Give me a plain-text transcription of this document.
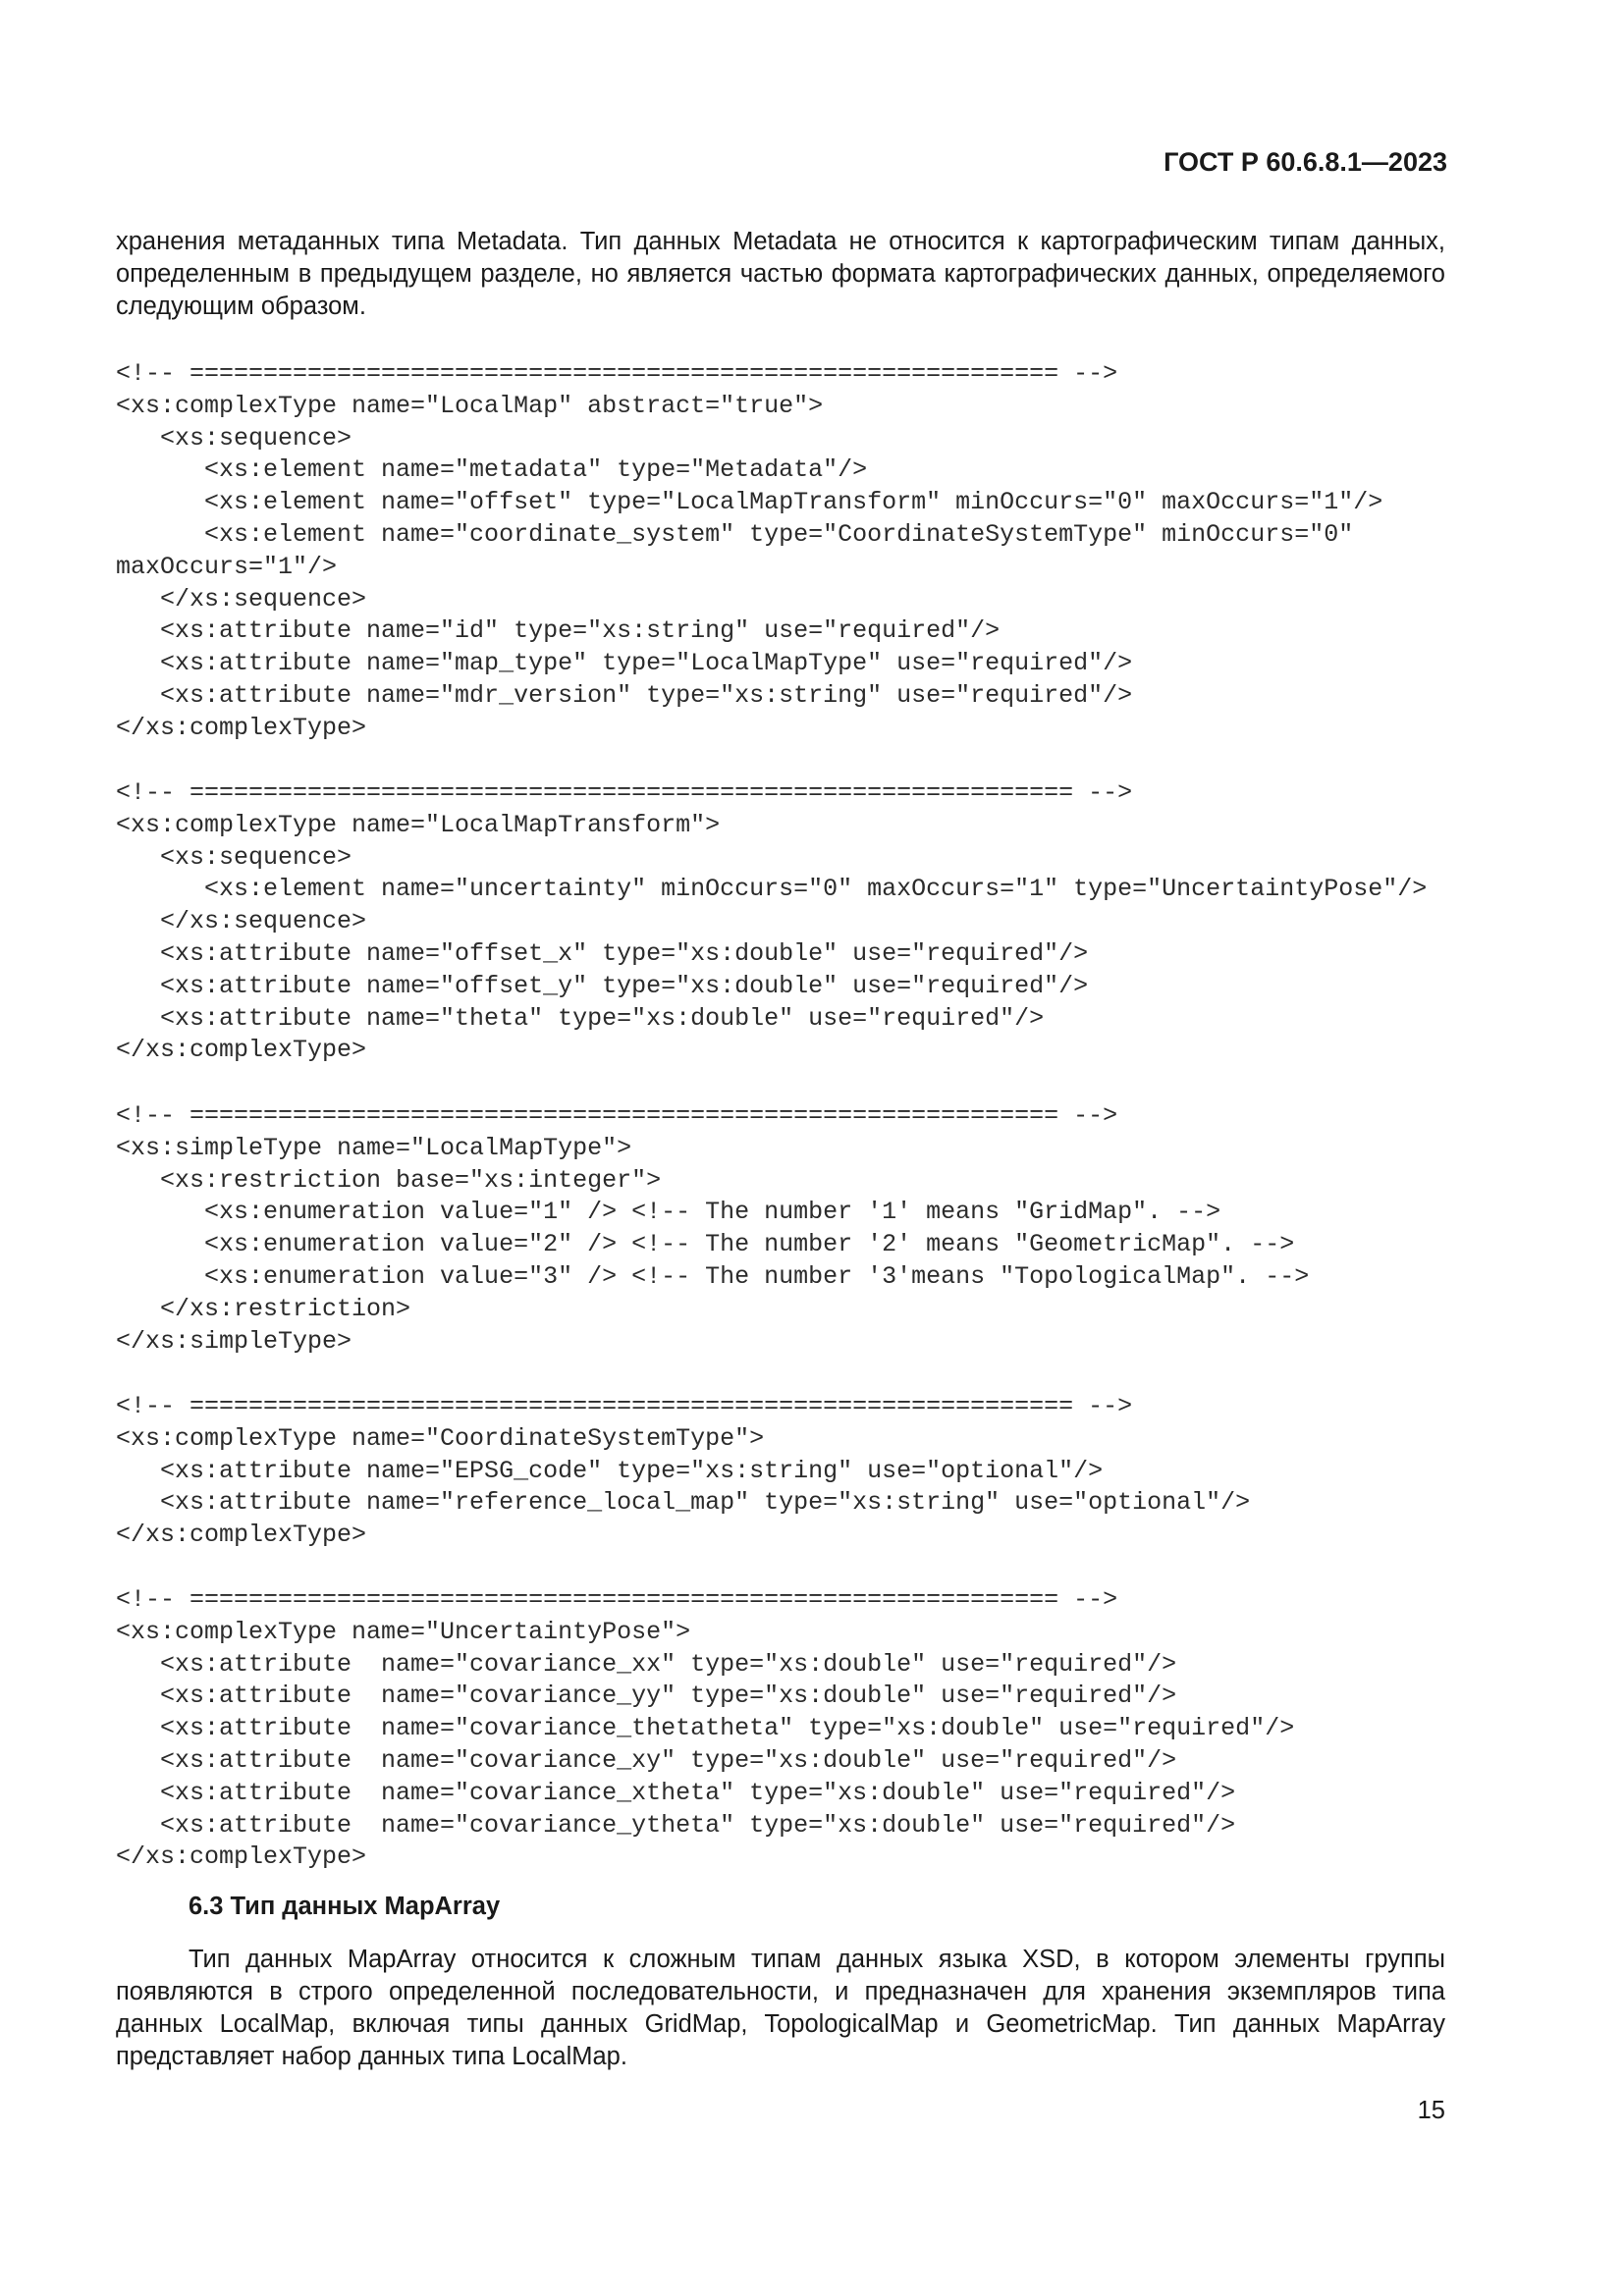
ГОСТ Р 60.6.8.1—2023

хранения метаданных типа Metadata. Тип данных Metadata не относится к картографическим типам данных, определенным в предыдущем разделе, но является частью формата картографических данных, определяемого следующим образом.

<!-- =========================================================== -->
<xs:complexType name="LocalMap" abstract="true">
<xs:sequence>
<xs:element name="metadata" type="Metadata"/>
<xs:element name="offset" type="LocalMapTransform" minOccurs="0" maxOccurs="1"/>
<xs:element name="coordinate_system" type="CoordinateSystemType" minOccurs="0"
maxOccurs="1"/>
</xs:sequence>
<xs:attribute name="id" type="xs:string" use="required"/>
<xs:attribute name="map_type" type="LocalMapType" use="required"/>
<xs:attribute name="mdr_version" type="xs:string" use="required"/>
</xs:complexType>
<!-- ============================================================ -->
<xs:complexType name="LocalMapTransform">
<xs:sequence>
<xs:element name="uncertainty" minOccurs="0" maxOccurs="1" type="UncertaintyPose"/>
</xs:sequence>
<xs:attribute name="offset_x" type="xs:double" use="required"/>
<xs:attribute name="offset_y" type="xs:double" use="required"/>
<xs:attribute name="theta" type="xs:double" use="required"/>
</xs:complexType>
<!-- =========================================================== -->
<xs:simpleType name="LocalMapType">
<xs:restriction base="xs:integer">
<xs:enumeration value="1" /> <!-- The number '1' means "GridMap". -->
<xs:enumeration value="2" /> <!-- The number '2' means "GeometricMap". -->
<xs:enumeration value="3" /> <!-- The number '3'means "TopologicalMap". -->
</xs:restriction>
</xs:simpleType>
<!-- ============================================================ -->
<xs:complexType name="CoordinateSystemType">
<xs:attribute name="EPSG_code" type="xs:string" use="optional"/>
<xs:attribute name="reference_local_map" type="xs:string" use="optional"/>
</xs:complexType>
<!-- =========================================================== -->
<xs:complexType name="UncertaintyPose">
<xs:attribute  name="covariance_xx" type="xs:double" use="required"/>
<xs:attribute  name="covariance_yy" type="xs:double" use="required"/>
<xs:attribute  name="covariance_thetatheta" type="xs:double" use="required"/>
<xs:attribute  name="covariance_xy" type="xs:double" use="required"/>
<xs:attribute  name="covariance_xtheta" type="xs:double" use="required"/>
<xs:attribute  name="covariance_ytheta" type="xs:double" use="required"/>
</xs:complexType>
6.3 Тип данных MapArray

Тип данных MapArray относится к сложным типам данных языка XSD, в котором элементы группы появляются в строго определенной последовательности, и предназначен для хранения экземпляров типа данных LocalMap, включая типы данных GridMap, TopologicalMap и GeometricMap. Тип данных MapArray представляет набор данных типа LocalMap.

15
